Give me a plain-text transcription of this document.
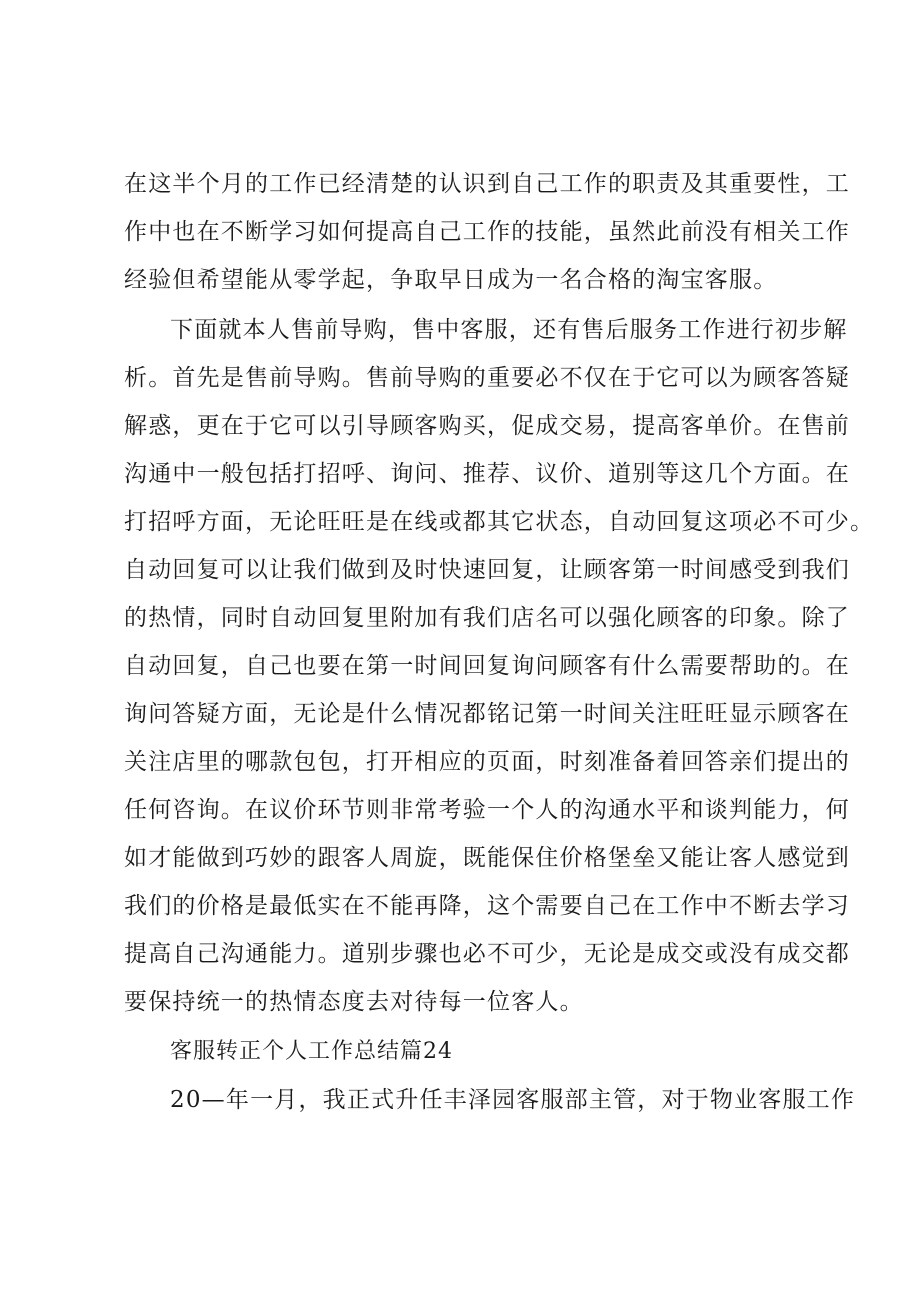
在这半个月的工作已经清楚的认识到自己工作的职责及其重要性，工
作中也在不断学习如何提高自己工作的技能，虽然此前没有相关工作
经验但希望能从零学起，争取早日成为一名合格的淘宝客服。
下面就本人售前导购，售中客服，还有售后服务工作进行初步解
析。首先是售前导购。售前导购的重要必不仅在于它可以为顾客答疑
解惑，更在于它可以引导顾客购买，促成交易，提高客单价。在售前
沟通中一般包括打招呼、询问、推荐、议价、道别等这几个方面。在
打招呼方面，无论旺旺是在线或都其它状态，自动回复这项必不可少。
自动回复可以让我们做到及时快速回复，让顾客第一时间感受到我们
的热情，同时自动回复里附加有我们店名可以强化顾客的印象。除了
自动回复，自己也要在第一时间回复询问顾客有什么需要帮助的。在
询问答疑方面，无论是什么情况都铭记第一时间关注旺旺显示顾客在
关注店里的哪款包包，打开相应的页面，时刻准备着回答亲们提出的
任何咨询。在议价环节则非常考验一个人的沟通水平和谈判能力，何
如才能做到巧妙的跟客人周旋，既能保住价格堡垒又能让客人感觉到
我们的价格是最低实在不能再降，这个需要自己在工作中不断去学习
提高自己沟通能力。道别步骤也必不可少，无论是成交或没有成交都
要保持统一的热情态度去对待每一位客人。
客服转正个人工作总结篇24
20—年一月，我正式升任丰泽园客服部主管，对于物业客服工作
